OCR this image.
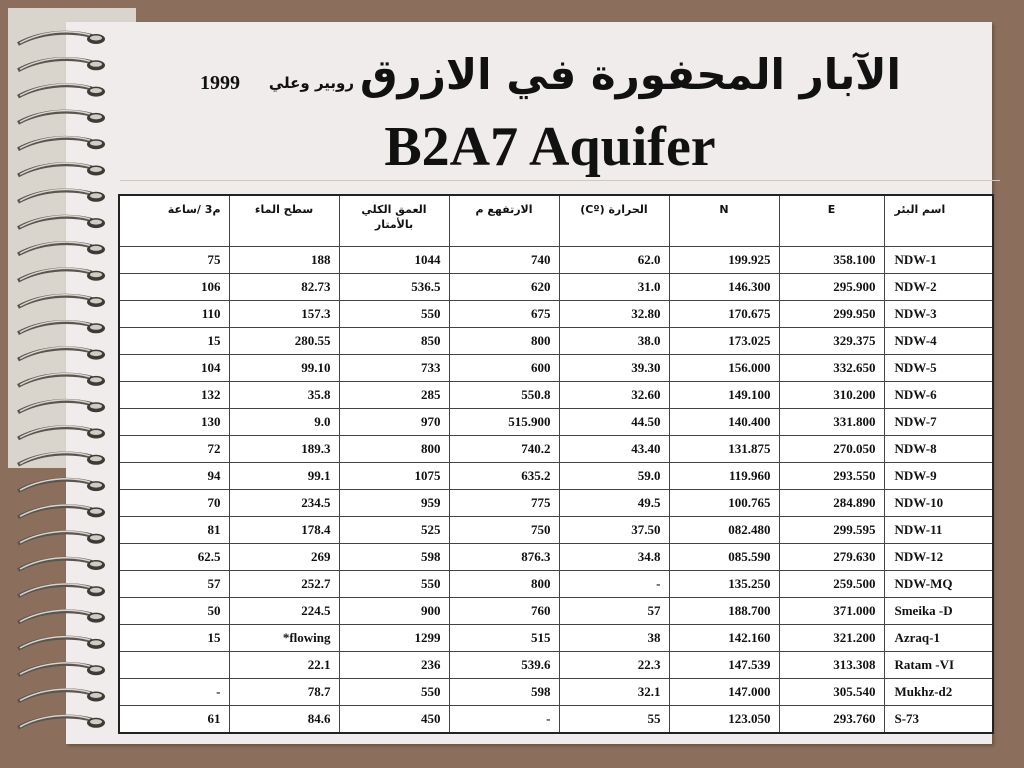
الآبار المحفورة في الازرق
روبير وعلي
1999
B2A7 Aquifer
م3 /ساعة	سطح الماء	العمق الكلي بالأمتار	الارتفهع م	(Cº) الحرارة	N	E	اسم البئر
75	188	1044	740	62.0	199.925	358.100	NDW-1
106	82.73	536.5	620	31.0	146.300	295.900	NDW-2
110	157.3	550	675	32.80	170.675	299.950	NDW-3
15	280.55	850	800	38.0	173.025	329.375	NDW-4
104	99.10	733	600	39.30	156.000	332.650	NDW-5
132	35.8	285	550.8	32.60	149.100	310.200	NDW-6
130	9.0	970	515.900	44.50	140.400	331.800	NDW-7
72	189.3	800	740.2	43.40	131.875	270.050	NDW-8
94	99.1	1075	635.2	59.0	119.960	293.550	NDW-9
70	234.5	959	775	49.5	100.765	284.890	NDW-10
81	178.4	525	750	37.50	082.480	299.595	NDW-11
62.5	269	598	876.3	34.8	085.590	279.630	NDW-12
57	252.7	550	800	-	135.250	259.500	NDW-MQ
50	224.5	900	760	57	188.700	371.000	Smeika -D
15	*flowing	1299	515	38	142.160	321.200	Azraq-1
	22.1	236	539.6	22.3	147.539	313.308	Ratam -VI
-	78.7	550	598	32.1	147.000	305.540	Mukhz-d2
61	84.6	450	-	55	123.050	293.760	S-73
